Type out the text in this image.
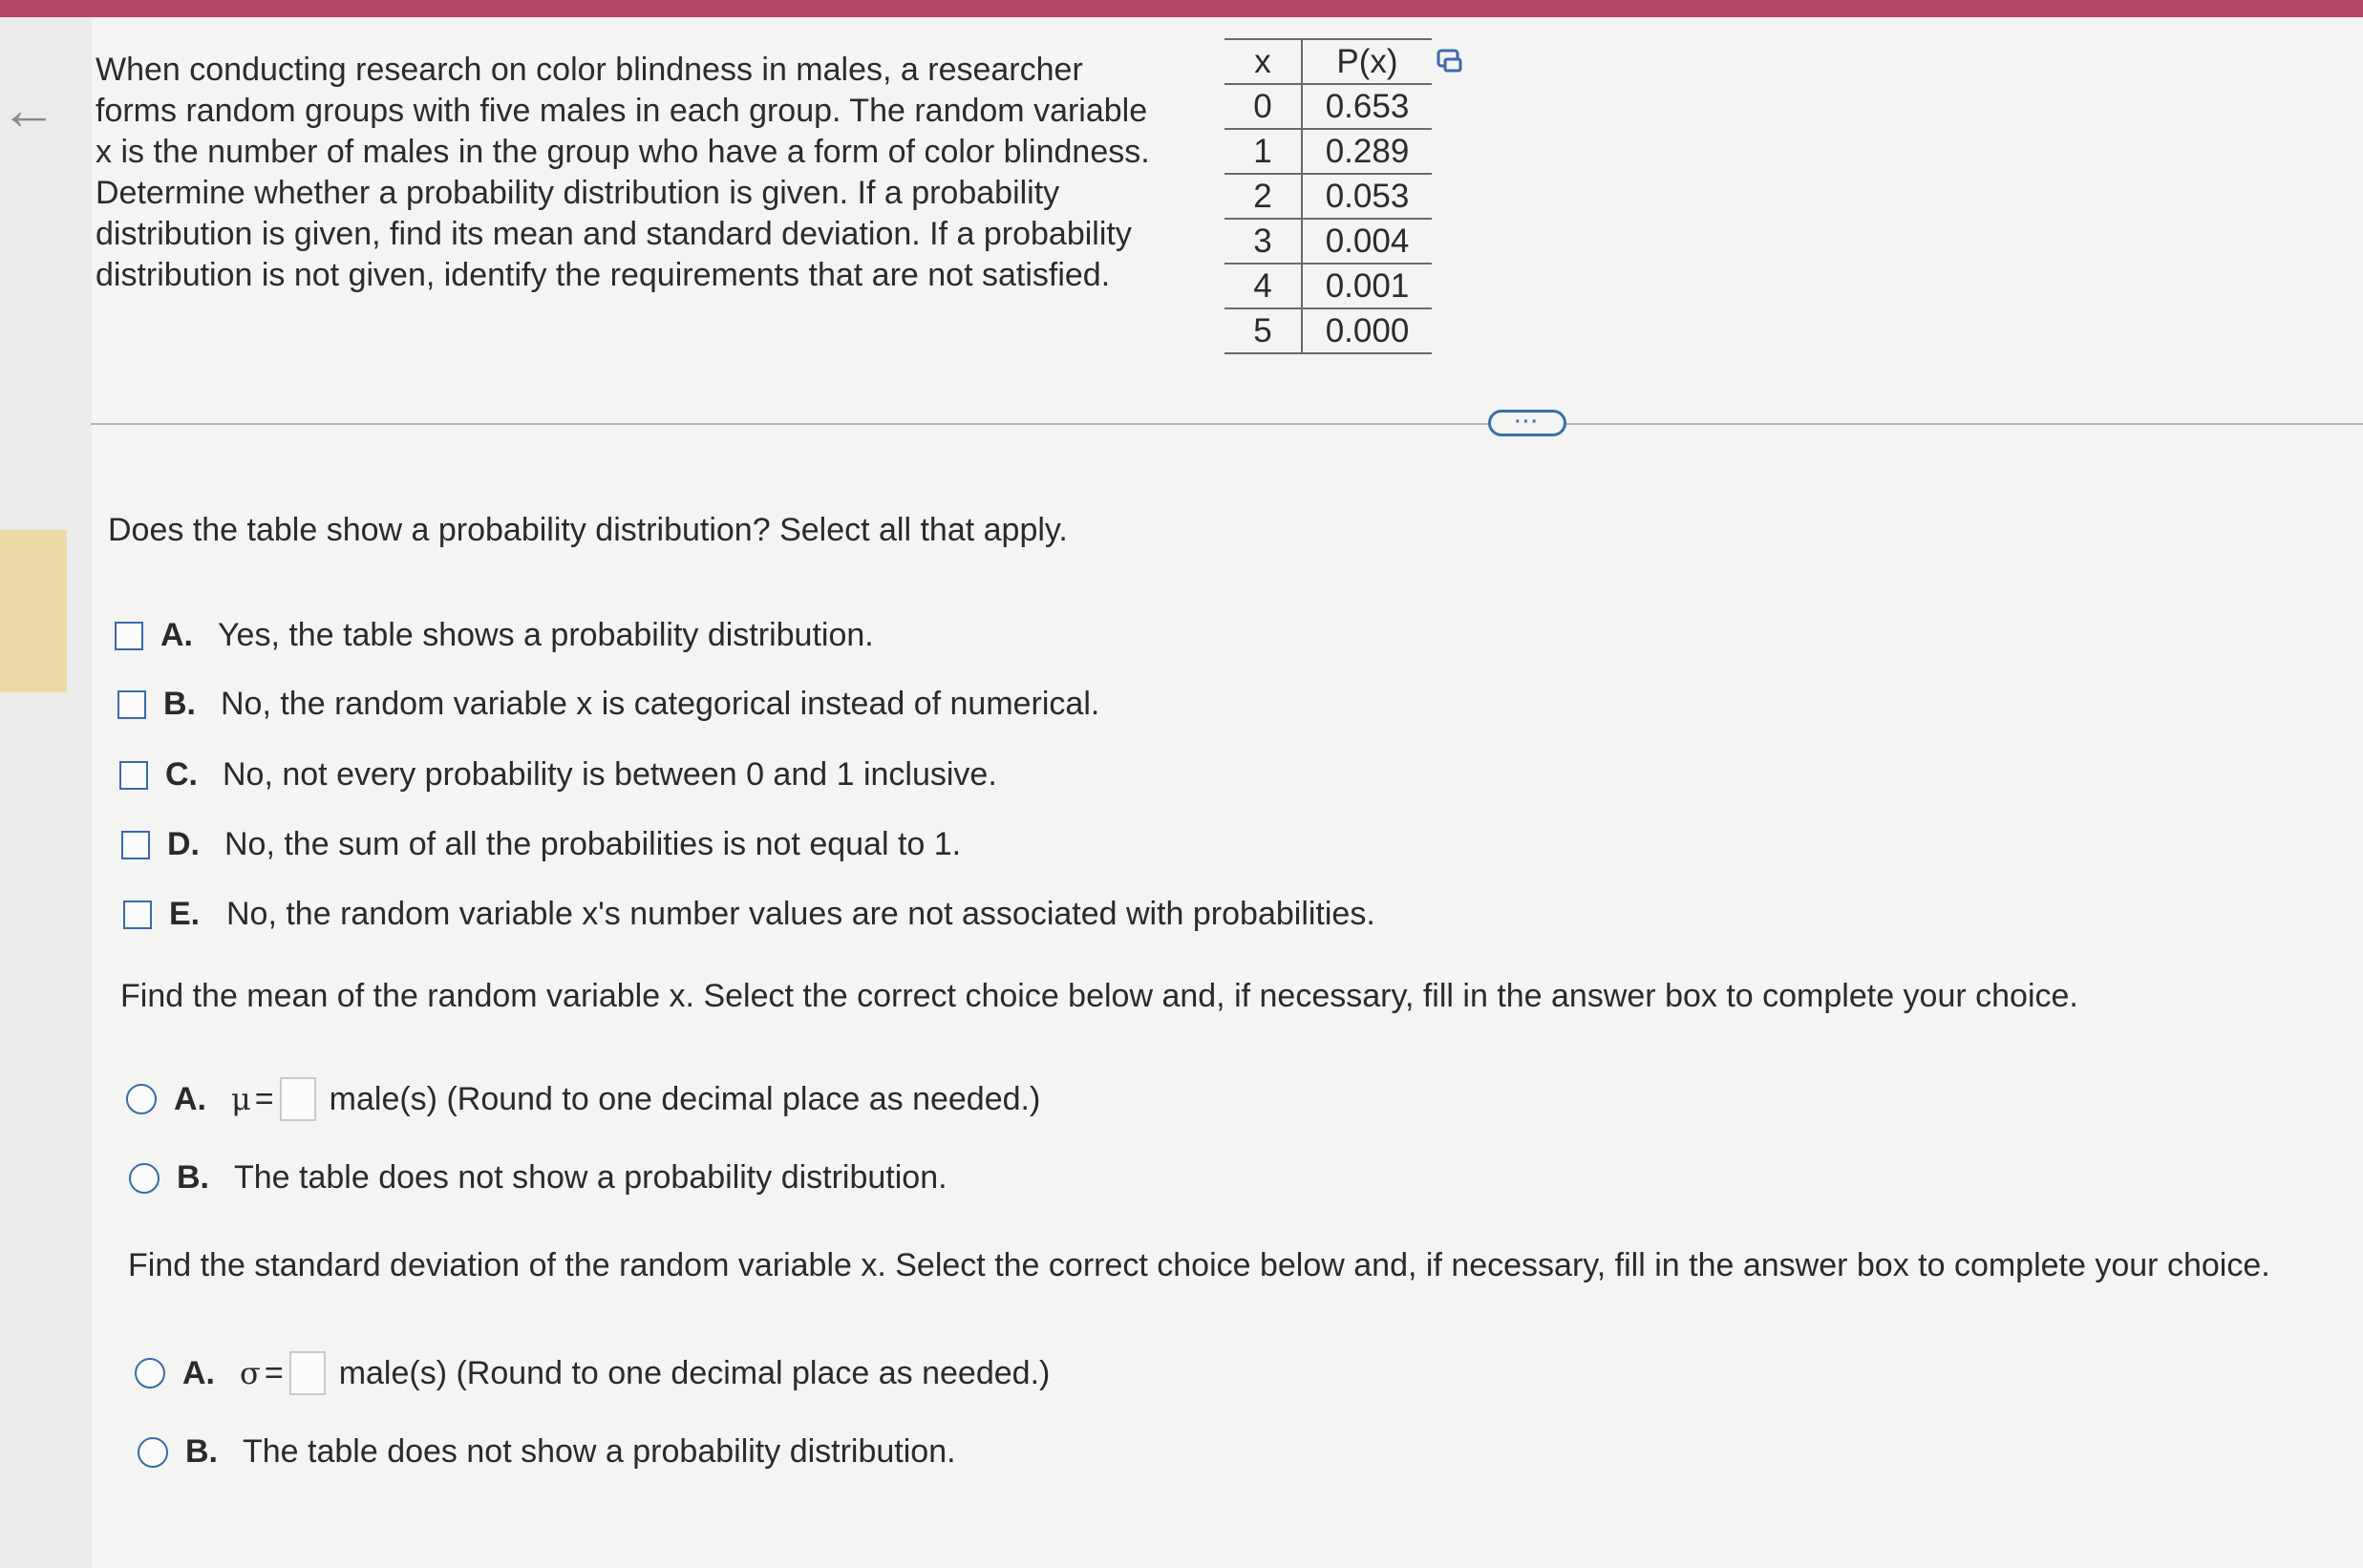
←
When conducting research on color blindness in males, a researcher
forms random groups with five males in each group. The random variable
x is the number of males in the group who have a form of color blindness.
Determine whether a probability distribution is given. If a probability
distribution is given, find its mean and standard deviation. If a probability
distribution is not given, identify the requirements that are not satisfied.
x	P(x)
0	0.653
1	0.289
2	0.053
3	0.004
4	0.001
5	0.000
···
Does the table show a probability distribution? Select all that apply.
A. Yes, the table shows a probability distribution.
B. No, the random variable x is categorical instead of numerical.
C. No, not every probability is between 0 and 1 inclusive.
D. No, the sum of all the probabilities is not equal to 1.
E. No, the random variable x's number values are not associated with probabilities.
Find the mean of the random variable x. Select the correct choice below and, if necessary, fill in the answer box to complete your choice.
A. μ = male(s) (Round to one decimal place as needed.)
B. The table does not show a probability distribution.
Find the standard deviation of the random variable x. Select the correct choice below and, if necessary, fill in the answer box to complete your choice.
A. σ = male(s) (Round to one decimal place as needed.)
B. The table does not show a probability distribution.
